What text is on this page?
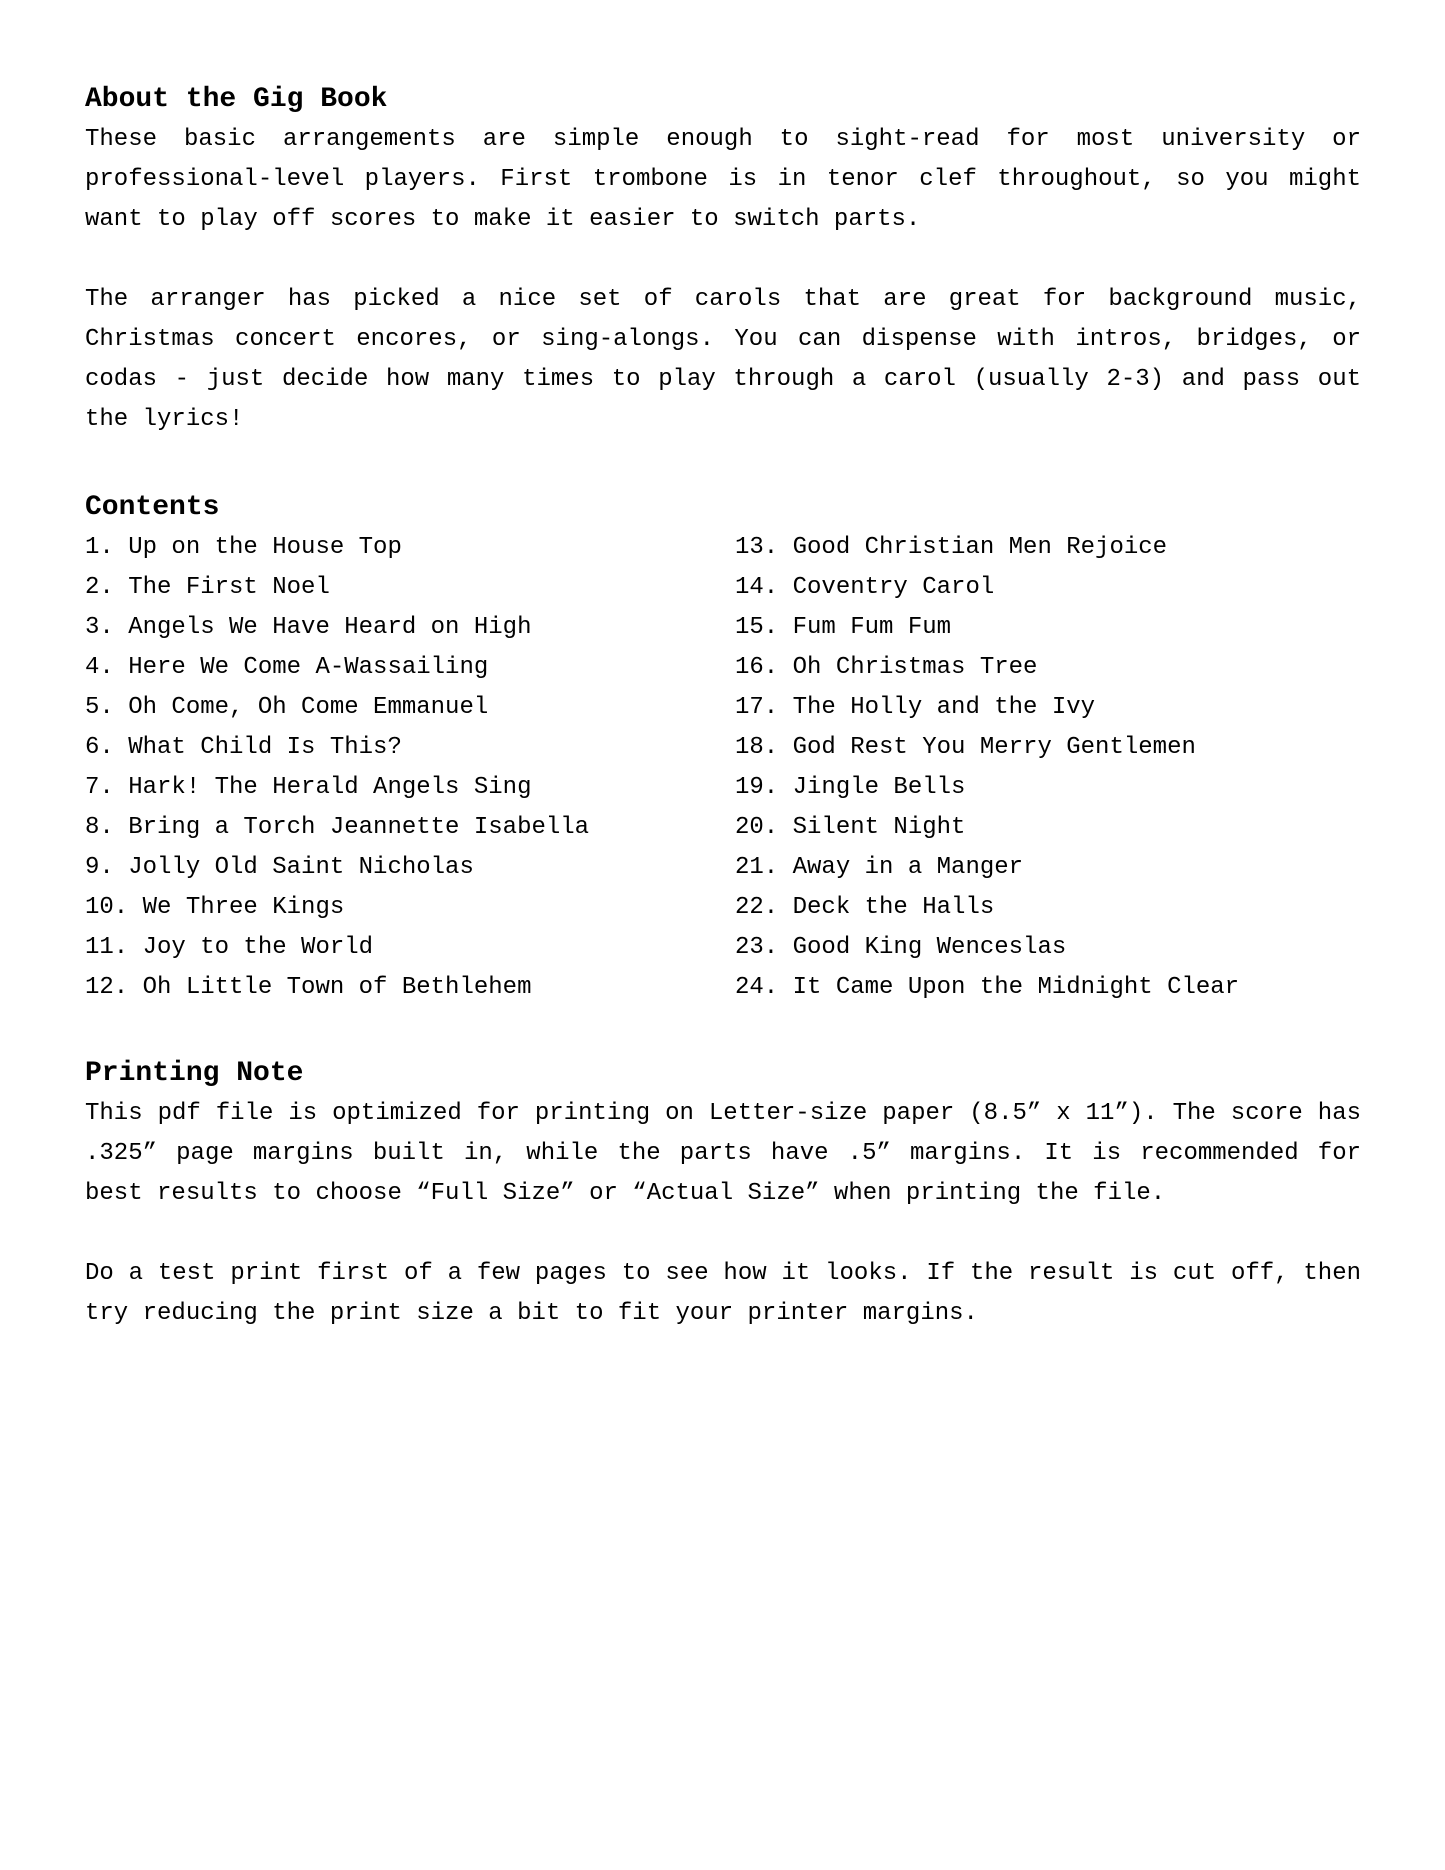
About the Gig Book

These basic arrangements are simple enough to sight-read for most university or professional-level players. First trombone is in tenor clef throughout, so you might want to play off scores to make it easier to switch parts.

The arranger has picked a nice set of carols that are great for background music, Christmas concert encores, or sing-alongs. You can dispense with intros, bridges, or codas - just decide how many times to play through a carol (usually 2-3) and pass out the lyrics!

Contents
1. Up on the House Top
2. The First Noel
3. Angels We Have Heard on High
4. Here We Come A-Wassailing
5. Oh Come, Oh Come Emmanuel
6. What Child Is This?
7. Hark! The Herald Angels Sing
8. Bring a Torch Jeannette Isabella
9. Jolly Old Saint Nicholas
10. We Three Kings
11. Joy to the World
12. Oh Little Town of Bethlehem
13. Good Christian Men Rejoice
14. Coventry Carol
15. Fum Fum Fum
16. Oh Christmas Tree
17. The Holly and the Ivy
18. God Rest You Merry Gentlemen
19. Jingle Bells
20. Silent Night
21. Away in a Manger
22. Deck the Halls
23. Good King Wenceslas
24. It Came Upon the Midnight Clear
Printing Note

This pdf file is optimized for printing on Letter-size paper (8.5” x 11”). The score has .325” page margins built in, while the parts have .5” margins. It is recommended for best results to choose “Full Size” or “Actual Size” when printing the file.

Do a test print first of a few pages to see how it looks. If the result is cut off, then try reducing the print size a bit to fit your printer margins.
